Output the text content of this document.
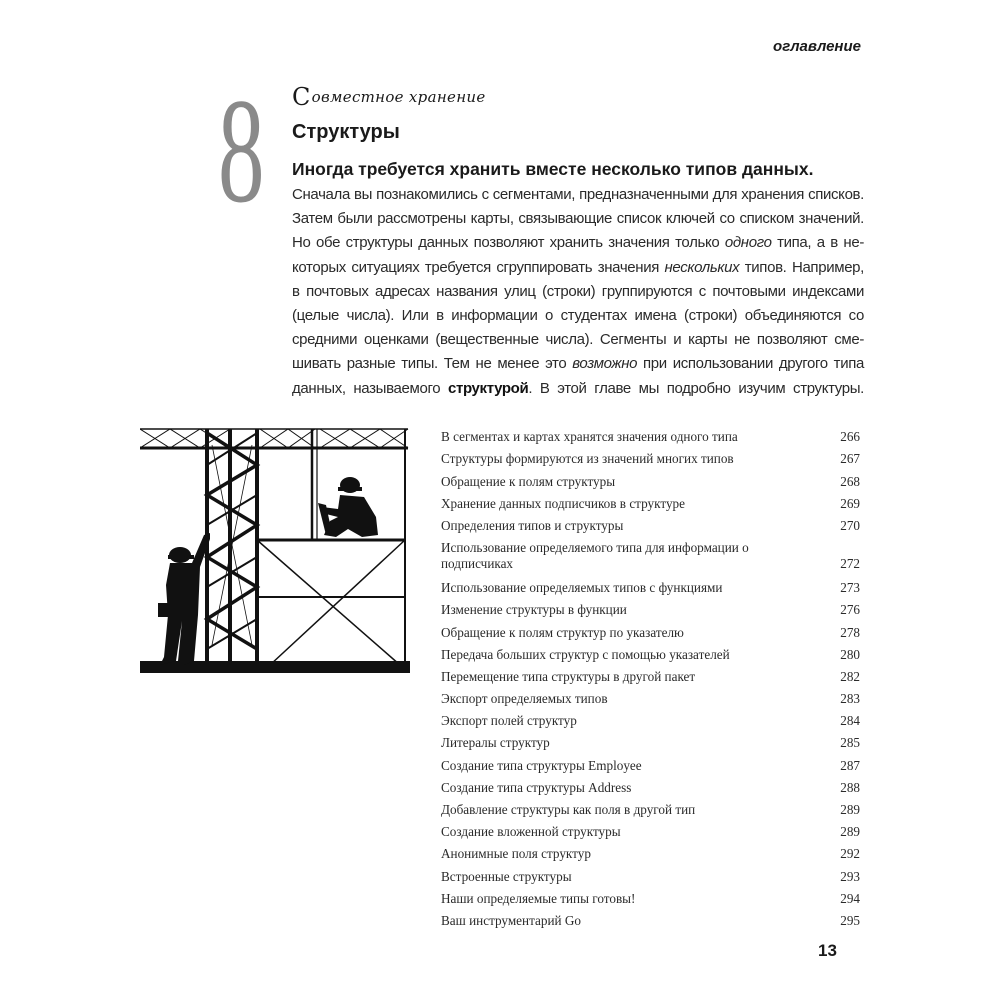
оглавление
8 Совместное хранение
Структуры

Иногда требуется хранить вместе несколько типов данных.

Сначала вы познакомились с сегментами, предназначенными для хранения списков.
Затем были рассмотрены карты, связывающие список ключей со списком значений.
Но обе структуры данных позволяют хранить значения только одного типа, а в не-
которых ситуациях требуется сгруппировать значения нескольких типов. Например,
в почтовых адресах названия улиц (строки) группируются с почтовыми индексами
(целые числа). Или в информации о студентах имена (строки) объединяются со
средними оценками (вещественные числа). Сегменты и карты не позволяют сме-
шивать разные типы. Тем не менее это возможно при использовании другого типа
данных, называемого структурой. В этой главе мы подробно изучим структуры.

В сегментах и картах хранятся значения одного типа	266
Структуры формируются из значений многих типов	267
Обращение к полям структуры	268
Хранение данных подписчиков в структуре	269
Определения типов и структуры	270
Использование определяемого типа для информации о подписчиках	272
Использование определяемых типов с функциями	273
Изменение структуры в функции	276
Обращение к полям структур по указателю	278
Передача больших структур с помощью указателей	280
Перемещение типа структуры в другой пакет	282
Экспорт определяемых типов	283
Экспорт полей структур	284
Литералы структур	285
Создание типа структуры Employee	287
Создание типа структуры Address	288
Добавление структуры как поля в другой тип	289
Создание вложенной структуры	289
Анонимные поля структур	292
Встроенные структуры	293
Наши определяемые типы готовы!	294
Ваш инструментарий Go	295
13
